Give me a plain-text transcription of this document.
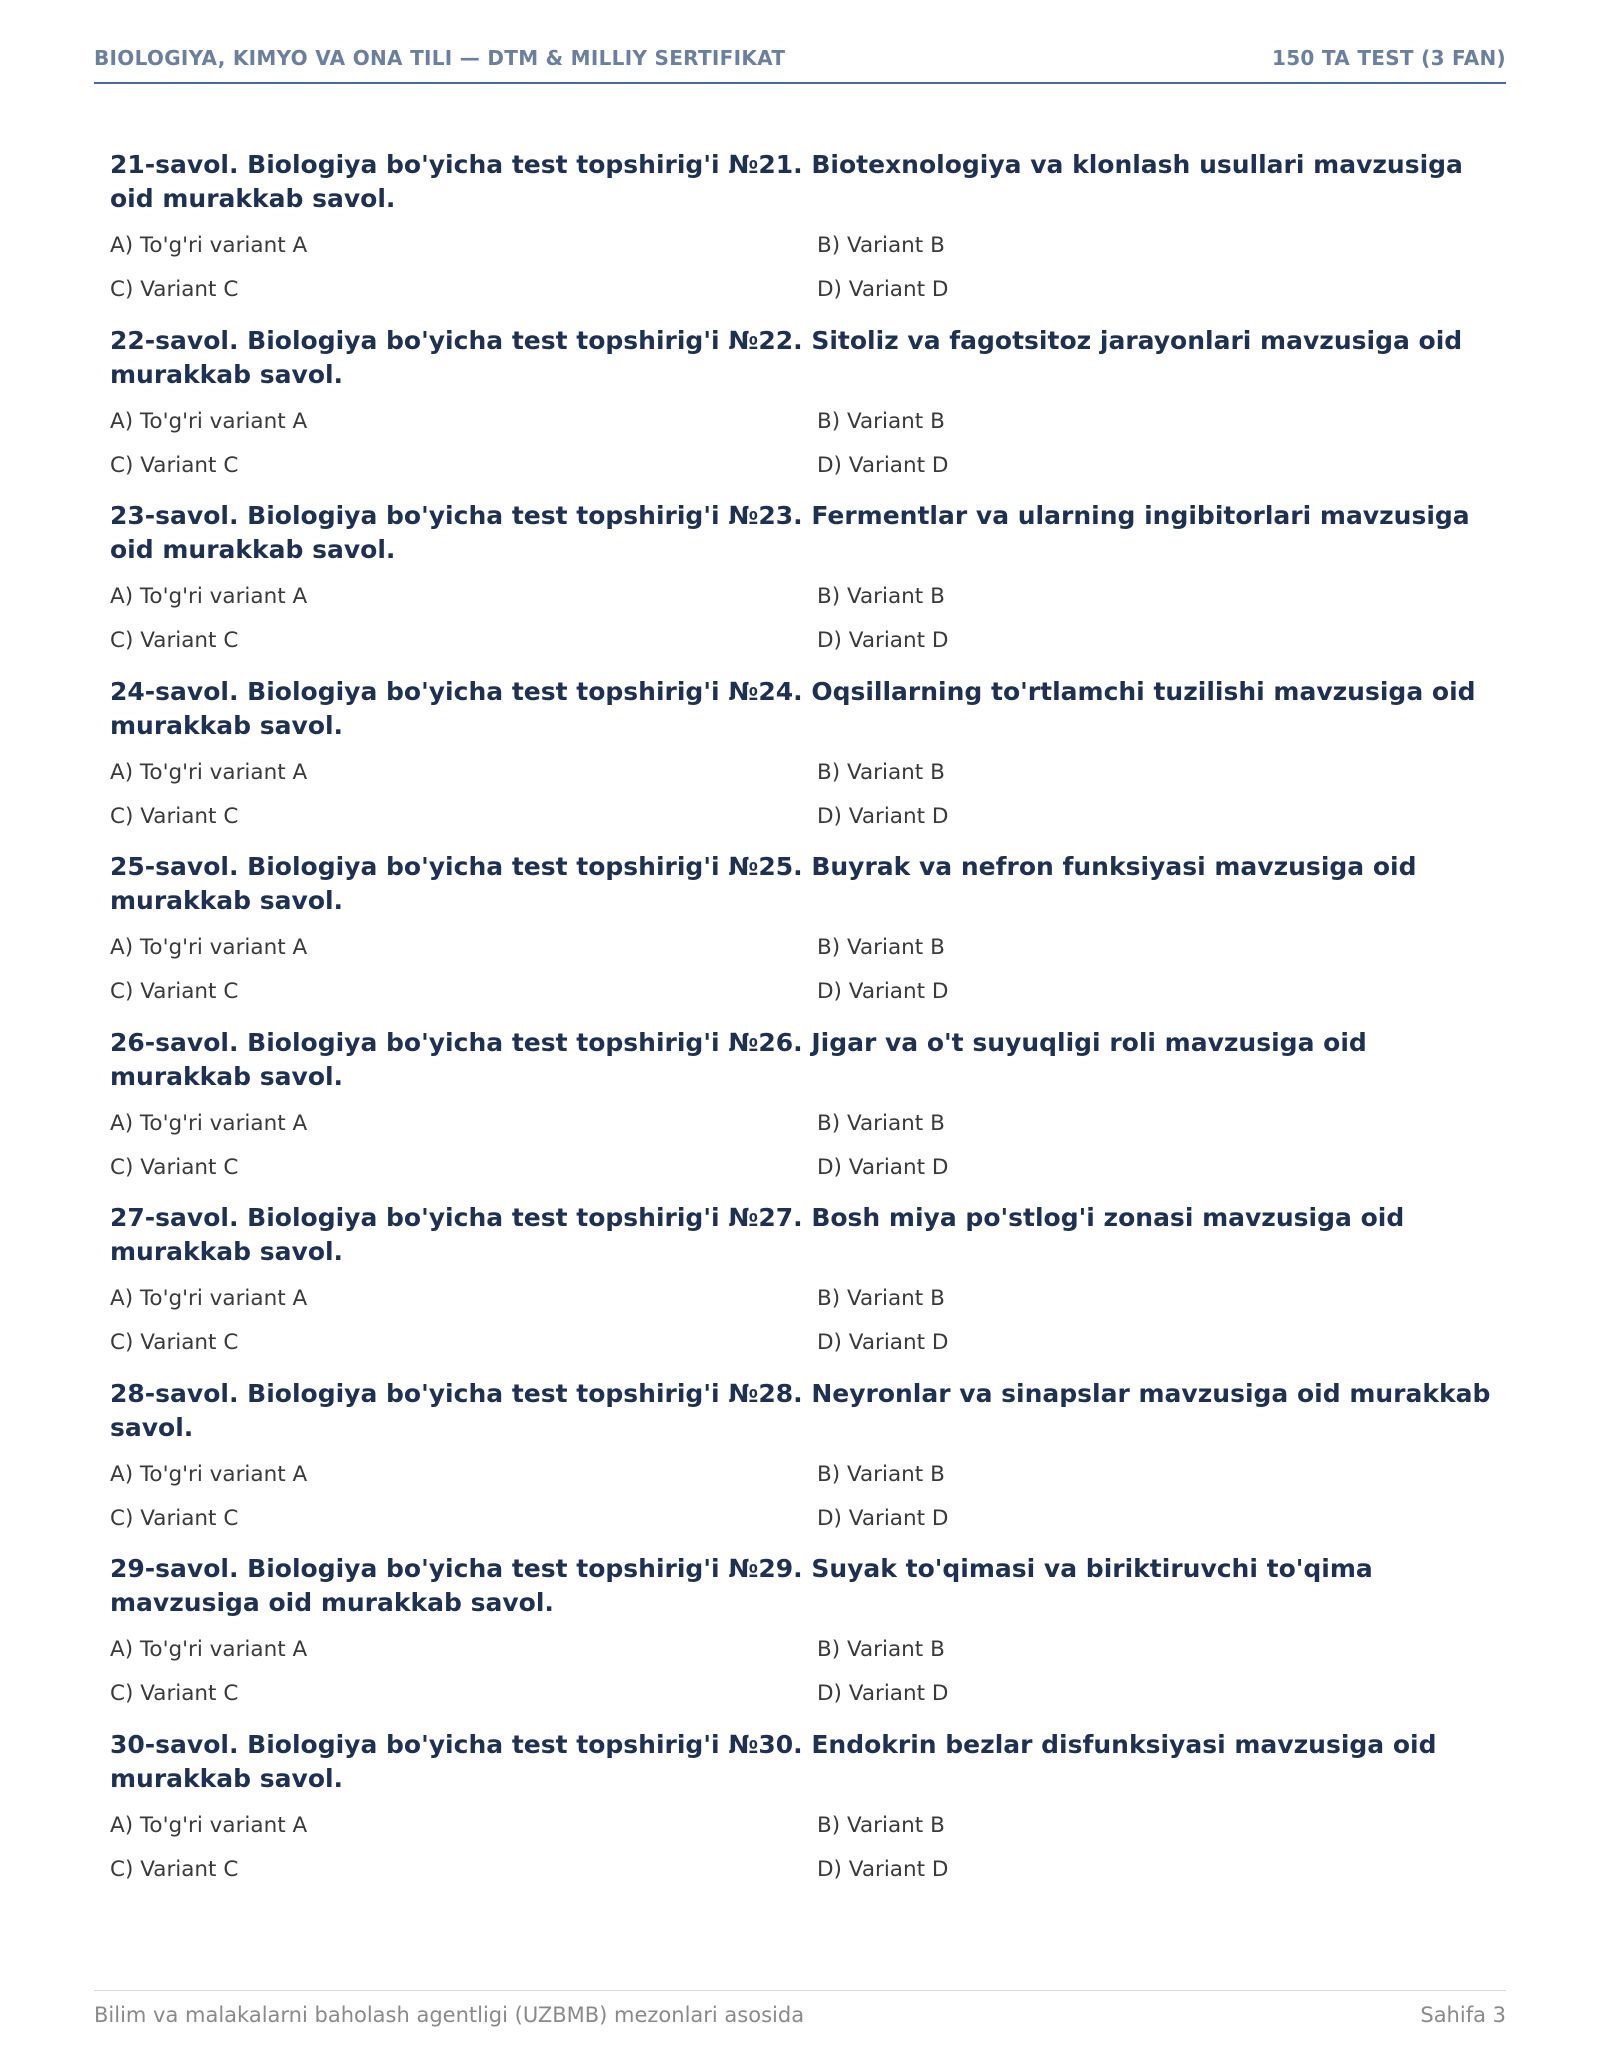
BIOLOGIYA, KIMYO VA ONA TILI — DTM & MILLIY SERTIFIKAT	150 TA TEST (3 FAN)

21-savol. Biologiya bo'yicha test topshirig'i №21. Biotexnologiya va klonlash usullari mavzusiga oid murakkab savol.

A) To'g'ri variant A	B) Variant B
C) Variant C	D) Variant D

22-savol. Biologiya bo'yicha test topshirig'i №22. Sitoliz va fagotsitoz jarayonlari mavzusiga oid murakkab savol.

A) To'g'ri variant A	B) Variant B
C) Variant C	D) Variant D

23-savol. Biologiya bo'yicha test topshirig'i №23. Fermentlar va ularning ingibitorlari mavzusiga oid murakkab savol.

A) To'g'ri variant A	B) Variant B
C) Variant C	D) Variant D

24-savol. Biologiya bo'yicha test topshirig'i №24. Oqsillarning to'rtlamchi tuzilishi mavzusiga oid murakkab savol.

A) To'g'ri variant A	B) Variant B
C) Variant C	D) Variant D

25-savol. Biologiya bo'yicha test topshirig'i №25. Buyrak va nefron funksiyasi mavzusiga oid murakkab savol.

A) To'g'ri variant A	B) Variant B
C) Variant C	D) Variant D

26-savol. Biologiya bo'yicha test topshirig'i №26. Jigar va o't suyuqligi roli mavzusiga oid murakkab savol.

A) To'g'ri variant A	B) Variant B
C) Variant C	D) Variant D

27-savol. Biologiya bo'yicha test topshirig'i №27. Bosh miya po'stlog'i zonasi mavzusiga oid murakkab savol.

A) To'g'ri variant A	B) Variant B
C) Variant C	D) Variant D

28-savol. Biologiya bo'yicha test topshirig'i №28. Neyronlar va sinapslar mavzusiga oid murakkab savol.

A) To'g'ri variant A	B) Variant B
C) Variant C	D) Variant D

29-savol. Biologiya bo'yicha test topshirig'i №29. Suyak to'qimasi va biriktiruvchi to'qima mavzusiga oid murakkab savol.

A) To'g'ri variant A	B) Variant B
C) Variant C	D) Variant D

30-savol. Biologiya bo'yicha test topshirig'i №30. Endokrin bezlar disfunksiyasi mavzusiga oid murakkab savol.

A) To'g'ri variant A	B) Variant B
C) Variant C	D) Variant D
Bilim va malakalarni baholash agentligi (UZBMB) mezonlari asosida	Sahifa 3
